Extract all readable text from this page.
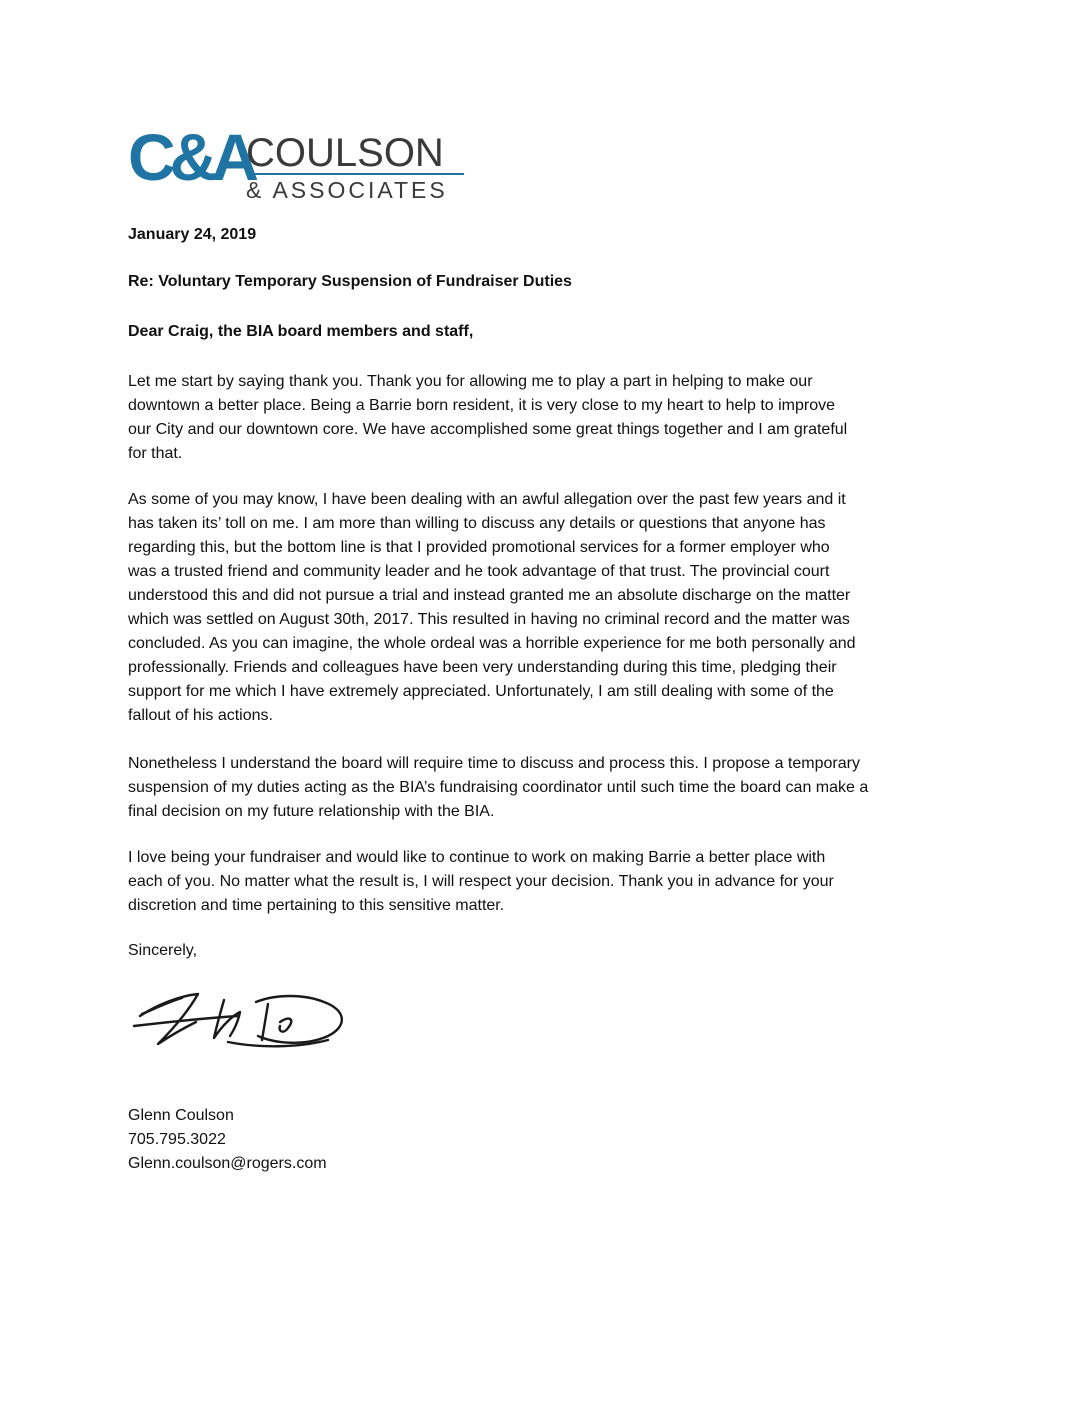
C&A
COULSON
& ASSOCIATES
January 24, 2019
Re: Voluntary Temporary Suspension of Fundraiser Duties
Dear Craig, the BIA board members and staff,
Let me start by saying thank you. Thank you for allowing me to play a part in helping to make our
downtown a better place. Being a Barrie born resident, it is very close to my heart to help to improve
our City and our downtown core. We have accomplished some great things together and I am grateful
for that.
As some of you may know, I have been dealing with an awful allegation over the past few years and it
has taken its’ toll on me. I am more than willing to discuss any details or questions that anyone has
regarding this, but the bottom line is that I provided promotional services for a former employer who
was a trusted friend and community leader and he took advantage of that trust. The provincial court
understood this and did not pursue a trial and instead granted me an absolute discharge on the matter
which was settled on August 30th, 2017. This resulted in having no criminal record and the matter was
concluded. As you can imagine, the whole ordeal was a horrible experience for me both personally and
professionally. Friends and colleagues have been very understanding during this time, pledging their
support for me which I have extremely appreciated. Unfortunately, I am still dealing with some of the
fallout of his actions.
Nonetheless I understand the board will require time to discuss and process this. I propose a temporary
suspension of my duties acting as the BIA’s fundraising coordinator until such time the board can make a
final decision on my future relationship with the BIA.
I love being your fundraiser and would like to continue to work on making Barrie a better place with
each of you. No matter what the result is, I will respect your decision. Thank you in advance for your
discretion and time pertaining to this sensitive matter.
Sincerely,
Glenn Coulson
705.795.3022
Glenn.coulson@rogers.com
